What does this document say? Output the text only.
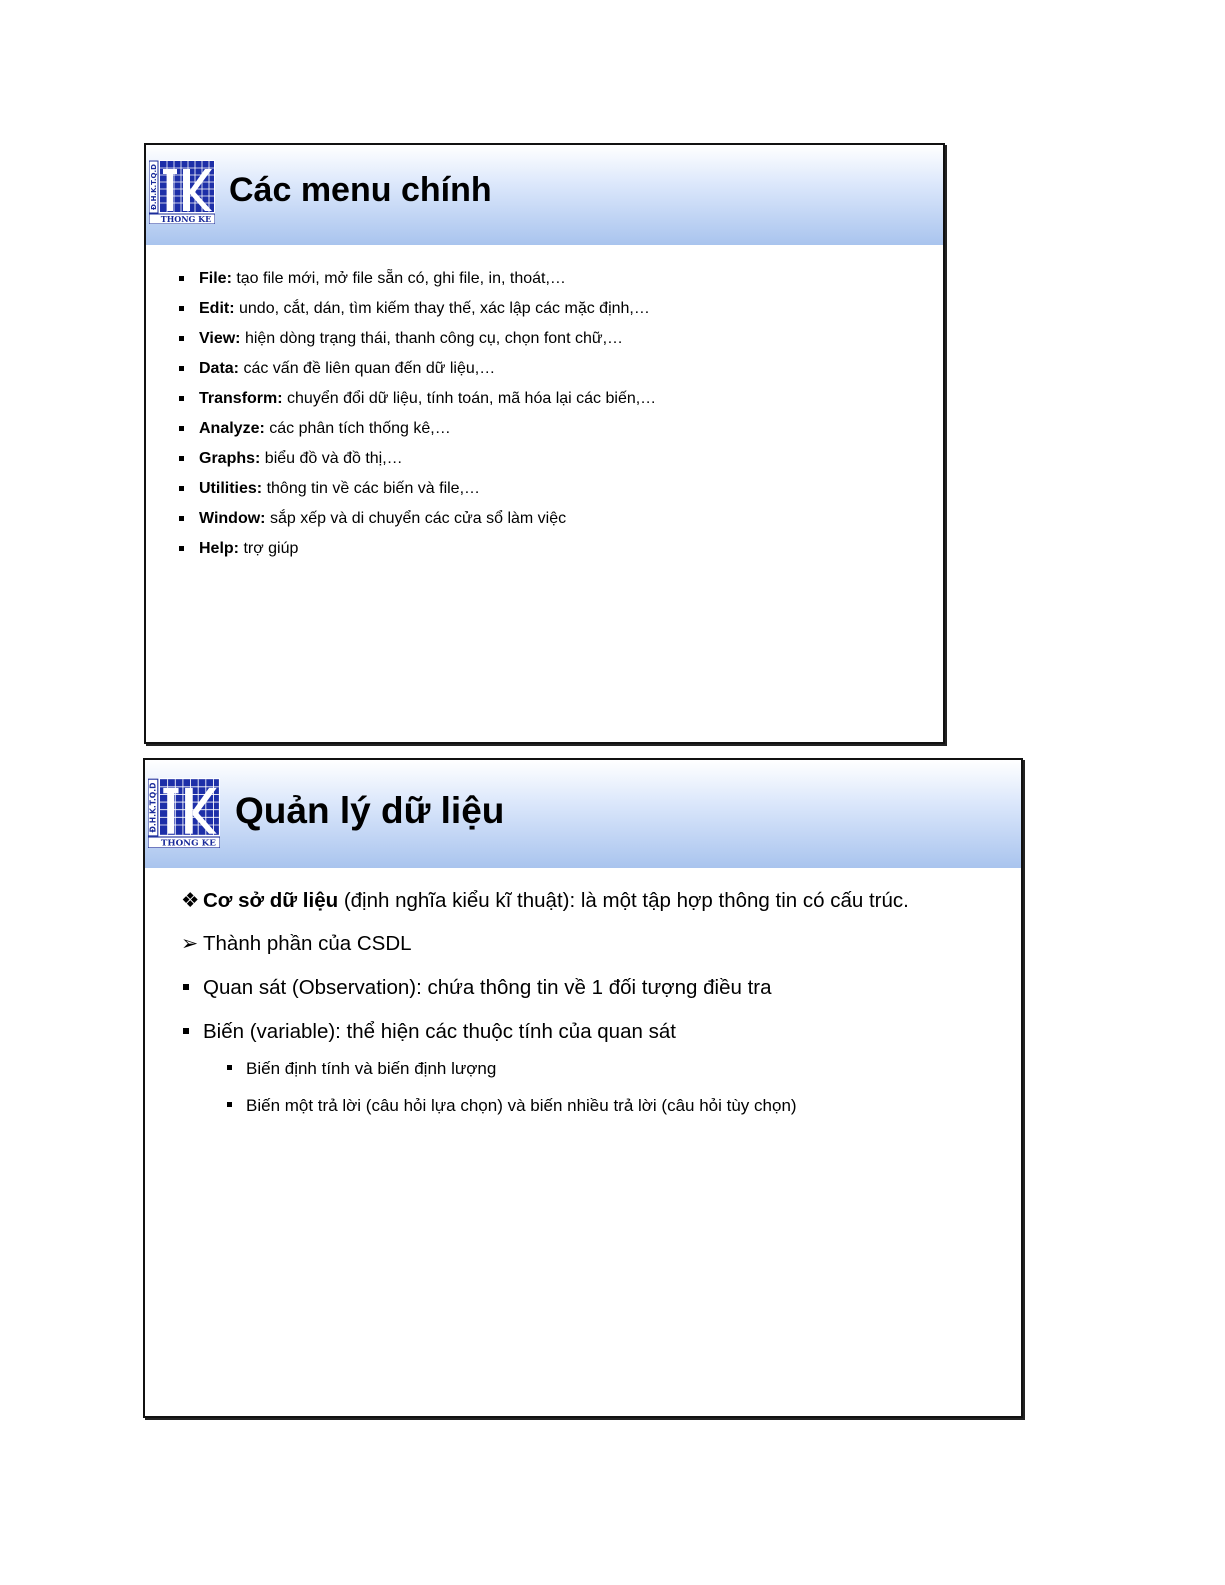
Đ.H.K.T.Q.D
THONG KE
Các menu chính
File: tạo file mới, mở file sẵn có, ghi file, in, thoát,…
Edit: undo, cắt, dán, tìm kiếm thay thế, xác lập các mặc định,…
View: hiện dòng trạng thái, thanh công cụ, chọn font chữ,…
Data: các vấn đề liên quan đến dữ liệu,…
Transform: chuyển đổi dữ liệu, tính toán, mã hóa lại các biến,…
Analyze: các phân tích thống kê,…
Graphs: biểu đồ và đồ thị,…
Utilities: thông tin về các biến và file,…
Window: sắp xếp và di chuyển các cửa sổ làm việc
Help: trợ giúp
Đ.H.K.T.Q.D
THONG KE
Quản lý dữ liệu
❖ Cơ sở dữ liệu (định nghĩa kiểu kĩ thuật): là một tập hợp thông tin có cấu trúc.
➢ Thành phần của CSDL
Quan sát (Observation): chứa thông tin về 1 đối tượng điều tra
Biến (variable): thể hiện các thuộc tính của quan sát
Biến định tính và biến định lượng
Biến một trả lời (câu hỏi lựa chọn) và biến nhiều trả lời (câu hỏi tùy chọn)
